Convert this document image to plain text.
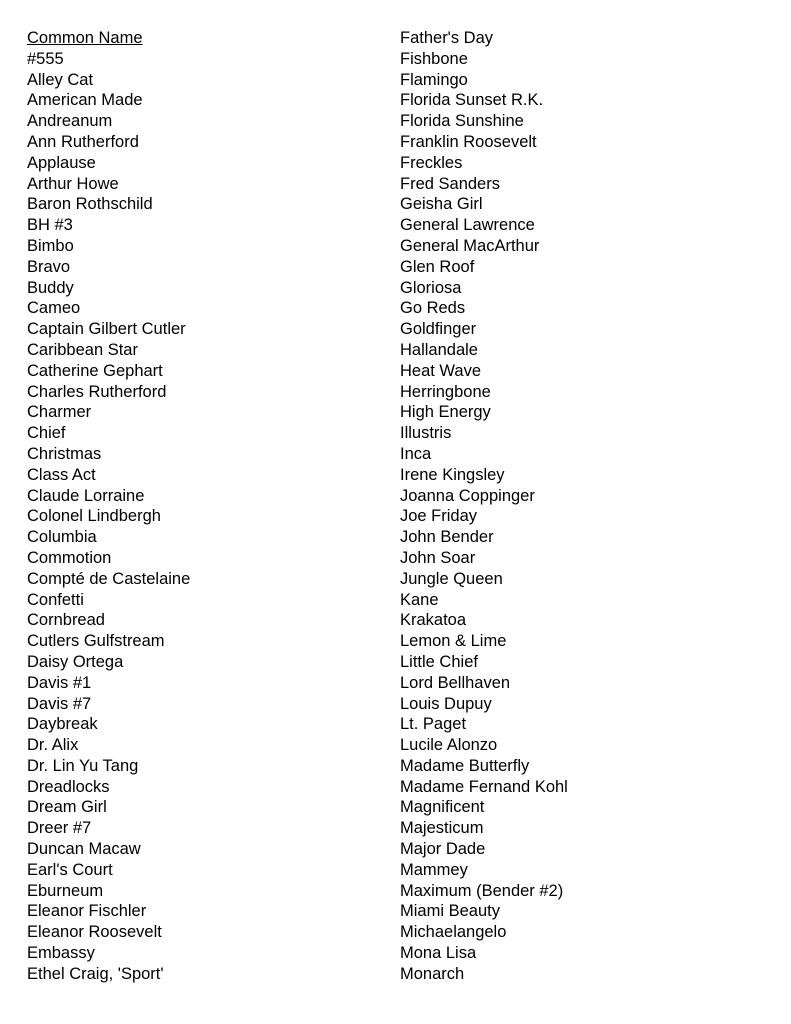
Common Name
#555
Alley Cat
American Made
Andreanum
Ann Rutherford
Applause
Arthur Howe
Baron Rothschild
BH #3
Bimbo
Bravo
Buddy
Cameo
Captain Gilbert Cutler
Caribbean Star
Catherine Gephart
Charles Rutherford
Charmer
Chief
Christmas
Class Act
Claude Lorraine
Colonel Lindbergh
Columbia
Commotion
Compté de Castelaine
Confetti
Cornbread
Cutlers Gulfstream
Daisy Ortega
Davis #1
Davis #7
Daybreak
Dr. Alix
Dr. Lin Yu Tang
Dreadlocks
Dream Girl
Dreer #7
Duncan Macaw
Earl's Court
Eburneum
Eleanor Fischler
Eleanor Roosevelt
Embassy
Ethel Craig, 'Sport'
Father's Day
Fishbone
Flamingo
Florida Sunset R.K.
Florida Sunshine
Franklin Roosevelt
Freckles
Fred Sanders
Geisha Girl
General Lawrence
General MacArthur
Glen Roof
Gloriosa
Go Reds
Goldfinger
Hallandale
Heat Wave
Herringbone
High Energy
Illustris
Inca
Irene Kingsley
Joanna Coppinger
Joe Friday
John Bender
John Soar
Jungle Queen
Kane
Krakatoa
Lemon & Lime
Little Chief
Lord Bellhaven
Louis Dupuy
Lt. Paget
Lucile Alonzo
Madame Butterfly
Madame Fernand Kohl
Magnificent
Majesticum
Major Dade
Mammey
Maximum (Bender #2)
Miami Beauty
Michaelangelo
Mona Lisa
Monarch
